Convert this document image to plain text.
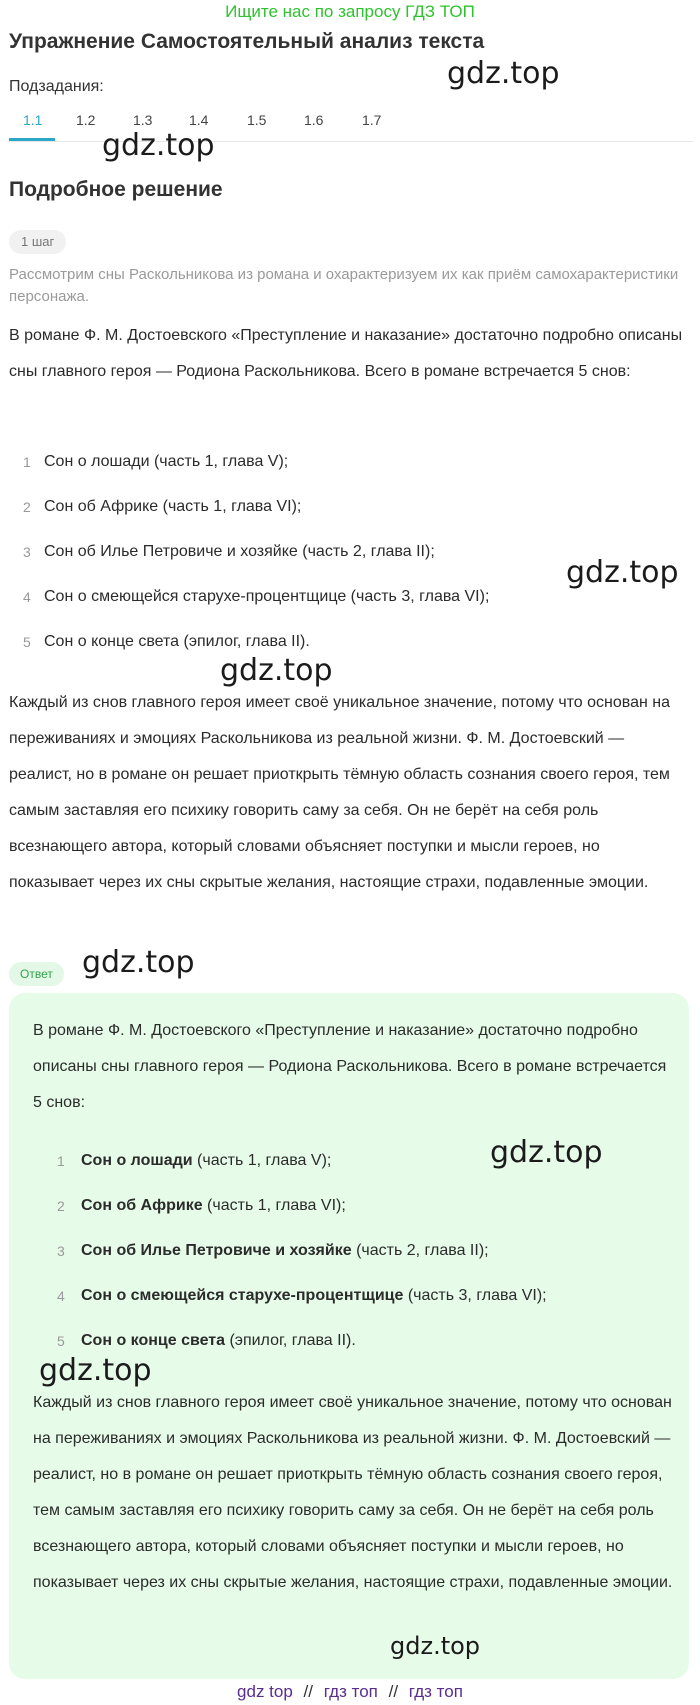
Ищите нас по запросу ГДЗ ТОП
Упражнение Самостоятельный анализ текста
Подзадания:
1.1 1.2	1.3	1.4	1.5	1.6	1.7
Подробное решение
1 шаг
Рассмотрим сны Раскольникова из романа и охарактеризуем их как приём самохарактеристики персонажа.
В романе Ф. М. Достоевского «Преступление и наказание» достаточно подробно описаны сны главного героя — Родиона Раскольникова. Всего в романе встречается 5 снов:
1 Сон о лошади (часть 1, глава V);
2 Сон об Африке (часть 1, глава VI);
3 Сон об Илье Петровиче и хозяйке (часть 2, глава II);
4 Сон о смеющейся старухе-процентщице (часть 3, глава VI);
5 Сон о конце света (эпилог, глава II).
Каждый из снов главного героя имеет своё уникальное значение, потому что основан на переживаниях и эмоциях Раскольникова из реальной жизни. Ф. М. Достоевский — реалист, но в романе он решает приоткрыть тёмную область сознания своего героя, тем самым заставляя его психику говорить саму за себя. Он не берёт на себя роль всезнающего автора, который словами объясняет поступки и мысли героев, но показывает через их сны скрытые желания, настоящие страхи, подавленные эмоции.
Ответ
В романе Ф. М. Достоевского «Преступление и наказание» достаточно подробно описаны сны главного героя — Родиона Раскольникова. Всего в романе встречается 5 снов:
1 Сон о лошади (часть 1, глава V);
2 Сон об Африке (часть 1, глава VI);
3 Сон об Илье Петровиче и хозяйке (часть 2, глава II);
4 Сон о смеющейся старухе-процентщице (часть 3, глава VI);
5 Сон о конце света (эпилог, глава II).
Каждый из снов главного героя имеет своё уникальное значение, потому что основан на переживаниях и эмоциях Раскольникова из реальной жизни. Ф. М. Достоевский — реалист, но в романе он решает приоткрыть тёмную область сознания своего героя, тем самым заставляя его психику говорить саму за себя. Он не берёт на себя роль всезнающего автора, который словами объясняет поступки и мысли героев, но показывает через их сны скрытые желания, настоящие страхи, подавленные эмоции.
gdz.top
gdz.top
gdz.top
gdz.top
gdz.top
gdz.top
gdz.top
gdz.top
gdz top // гдз топ // гдз топ
